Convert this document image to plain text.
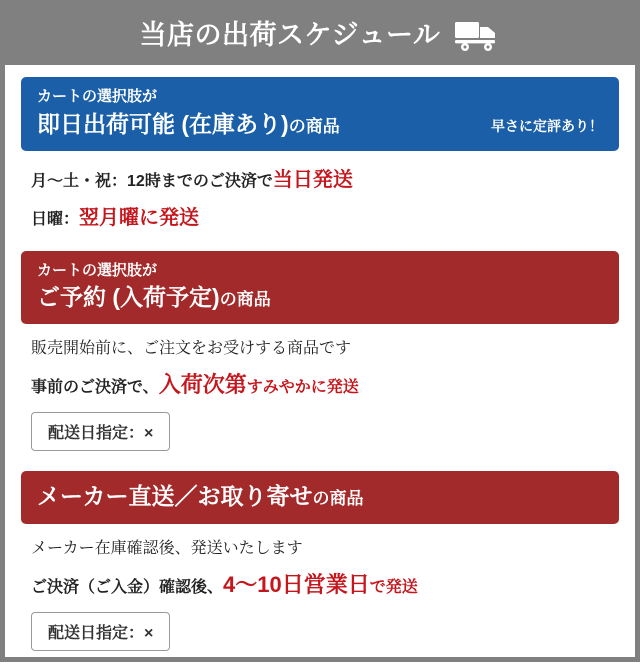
当店の出荷スケジュール
カートの選択肢が
即日出荷可能 (在庫あり)の商品	早さに定評あり！
月～土・祝：12時までのご決済で当日発送
日曜：翌月曜に発送
カートの選択肢が
ご予約 (入荷予定)の商品
販売開始前に、ご注文をお受けする商品です
事前のご決済で、入荷次第すみやかに発送
配送日指定：×
メーカー直送／お取り寄せの商品
メーカー在庫確認後、発送いたします
ご決済（ご入金）確認後、4～10日営業日で発送
配送日指定：×
